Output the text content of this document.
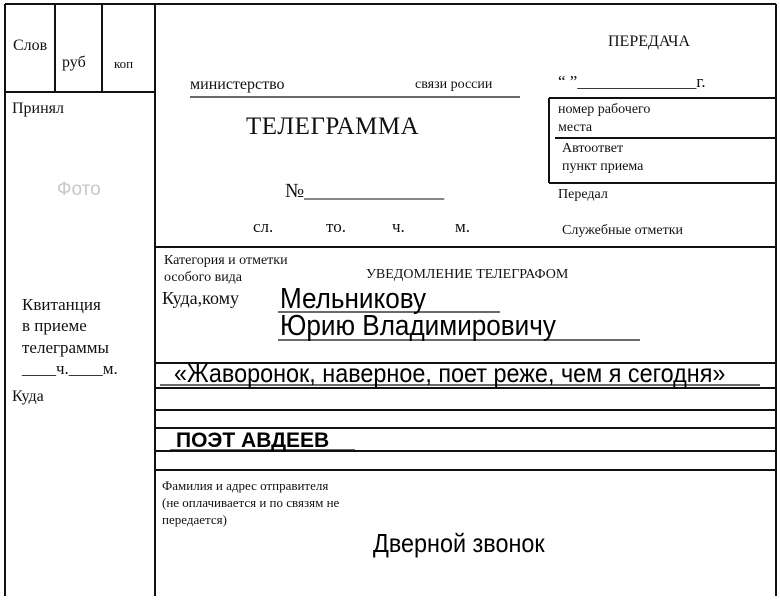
Слов
руб коп
Принял
Фото
Квитанция
в приеме
телеграммы
____ч.____м.
Куда
министерство	связи россии
ТЕЛЕГРАММА
№______________
сл.	то.	ч.	м.
ПЕРЕДАЧА
“ ”______________г.
номер рабочего
места
Автоответ
пункт приема
Передал
Служебные отметки
Категория и отметки
особого вида	УВЕДОМЛЕНИЕ ТЕЛЕГРАФОМ
Куда,кому Мельникову
Юрию Владимировичу
«Жаворонок, наверное, поет реже, чем я сегодня»
ПОЭТ АВДЕЕВ
Фамилия и адрес отправителя
(не оплачивается и по связям не
передается)
Дверной звонок
